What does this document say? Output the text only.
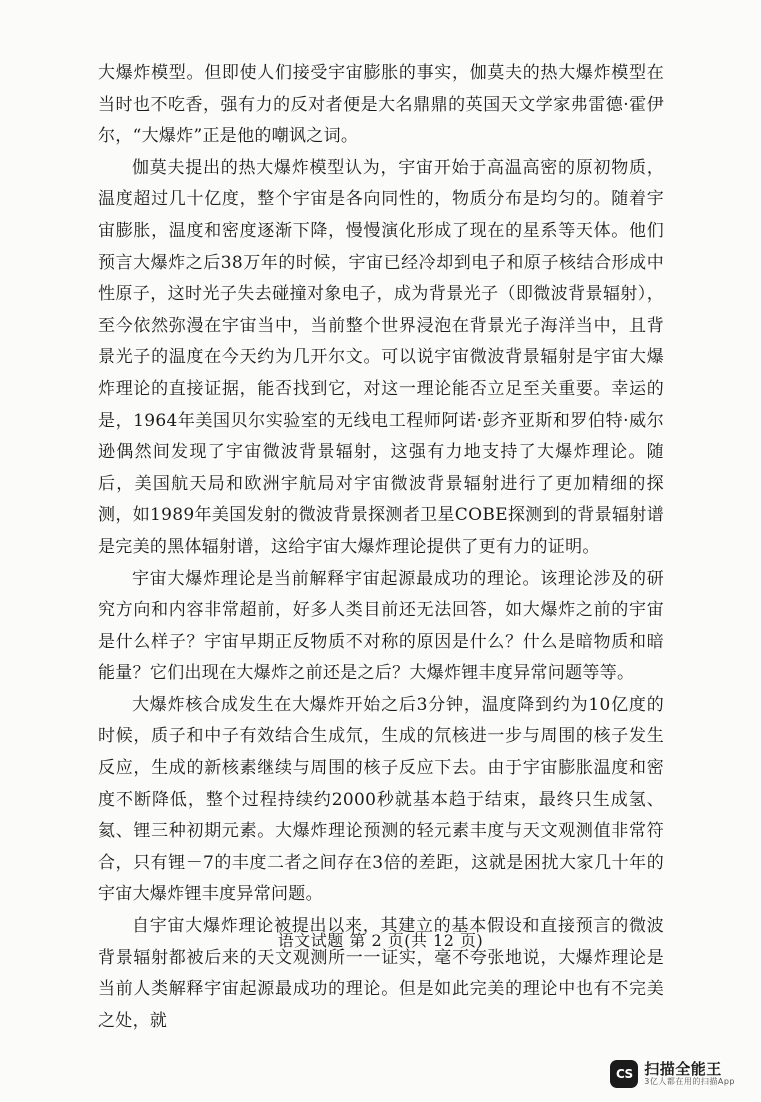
大爆炸模型。但即使人们接受宇宙膨胀的事实，伽莫夫的热大爆炸模型在当时也不吃香，强有力的反对者便是大名鼎鼎的英国天文学家弗雷德·霍伊尔，“大爆炸”正是他的嘲讽之词。

伽莫夫提出的热大爆炸模型认为，宇宙开始于高温高密的原初物质，温度超过几十亿度，整个宇宙是各向同性的，物质分布是均匀的。随着宇宙膨胀，温度和密度逐渐下降，慢慢演化形成了现在的星系等天体。他们预言大爆炸之后38万年的时候，宇宙已经冷却到电子和原子核结合形成中性原子，这时光子失去碰撞对象电子，成为背景光子（即微波背景辐射），至今依然弥漫在宇宙当中，当前整个世界浸泡在背景光子海洋当中，且背景光子的温度在今天约为几开尔文。可以说宇宙微波背景辐射是宇宙大爆炸理论的直接证据，能否找到它，对这一理论能否立足至关重要。幸运的是，1964年美国贝尔实验室的无线电工程师阿诺·彭齐亚斯和罗伯特·威尔逊偶然间发现了宇宙微波背景辐射，这强有力地支持了大爆炸理论。随后，美国航天局和欧洲宇航局对宇宙微波背景辐射进行了更加精细的探测，如1989年美国发射的微波背景探测者卫星COBE探测到的背景辐射谱是完美的黑体辐射谱，这给宇宙大爆炸理论提供了更有力的证明。

宇宙大爆炸理论是当前解释宇宙起源最成功的理论。该理论涉及的研究方向和内容非常超前，好多人类目前还无法回答，如大爆炸之前的宇宙是什么样子？宇宙早期正反物质不对称的原因是什么？什么是暗物质和暗能量？它们出现在大爆炸之前还是之后？大爆炸锂丰度异常问题等等。

大爆炸核合成发生在大爆炸开始之后3分钟，温度降到约为10亿度的时候，质子和中子有效结合生成氘，生成的氘核进一步与周围的核子发生反应，生成的新核素继续与周围的核子反应下去。由于宇宙膨胀温度和密度不断降低，整个过程持续约2000秒就基本趋于结束，最终只生成氢、氦、锂三种初期元素。大爆炸理论预测的轻元素丰度与天文观测值非常符合，只有锂－7的丰度二者之间存在3倍的差距，这就是困扰大家几十年的宇宙大爆炸锂丰度异常问题。

自宇宙大爆炸理论被提出以来，其建立的基本假设和直接预言的微波背景辐射都被后来的天文观测所一一证实，毫不夸张地说，大爆炸理论是当前人类解释宇宙起源最成功的理论。但是如此完美的理论中也有不完美之处，就

语文试题 第 2 页(共 12 页)
CS 扫描全能王
3亿人都在用的扫描App
